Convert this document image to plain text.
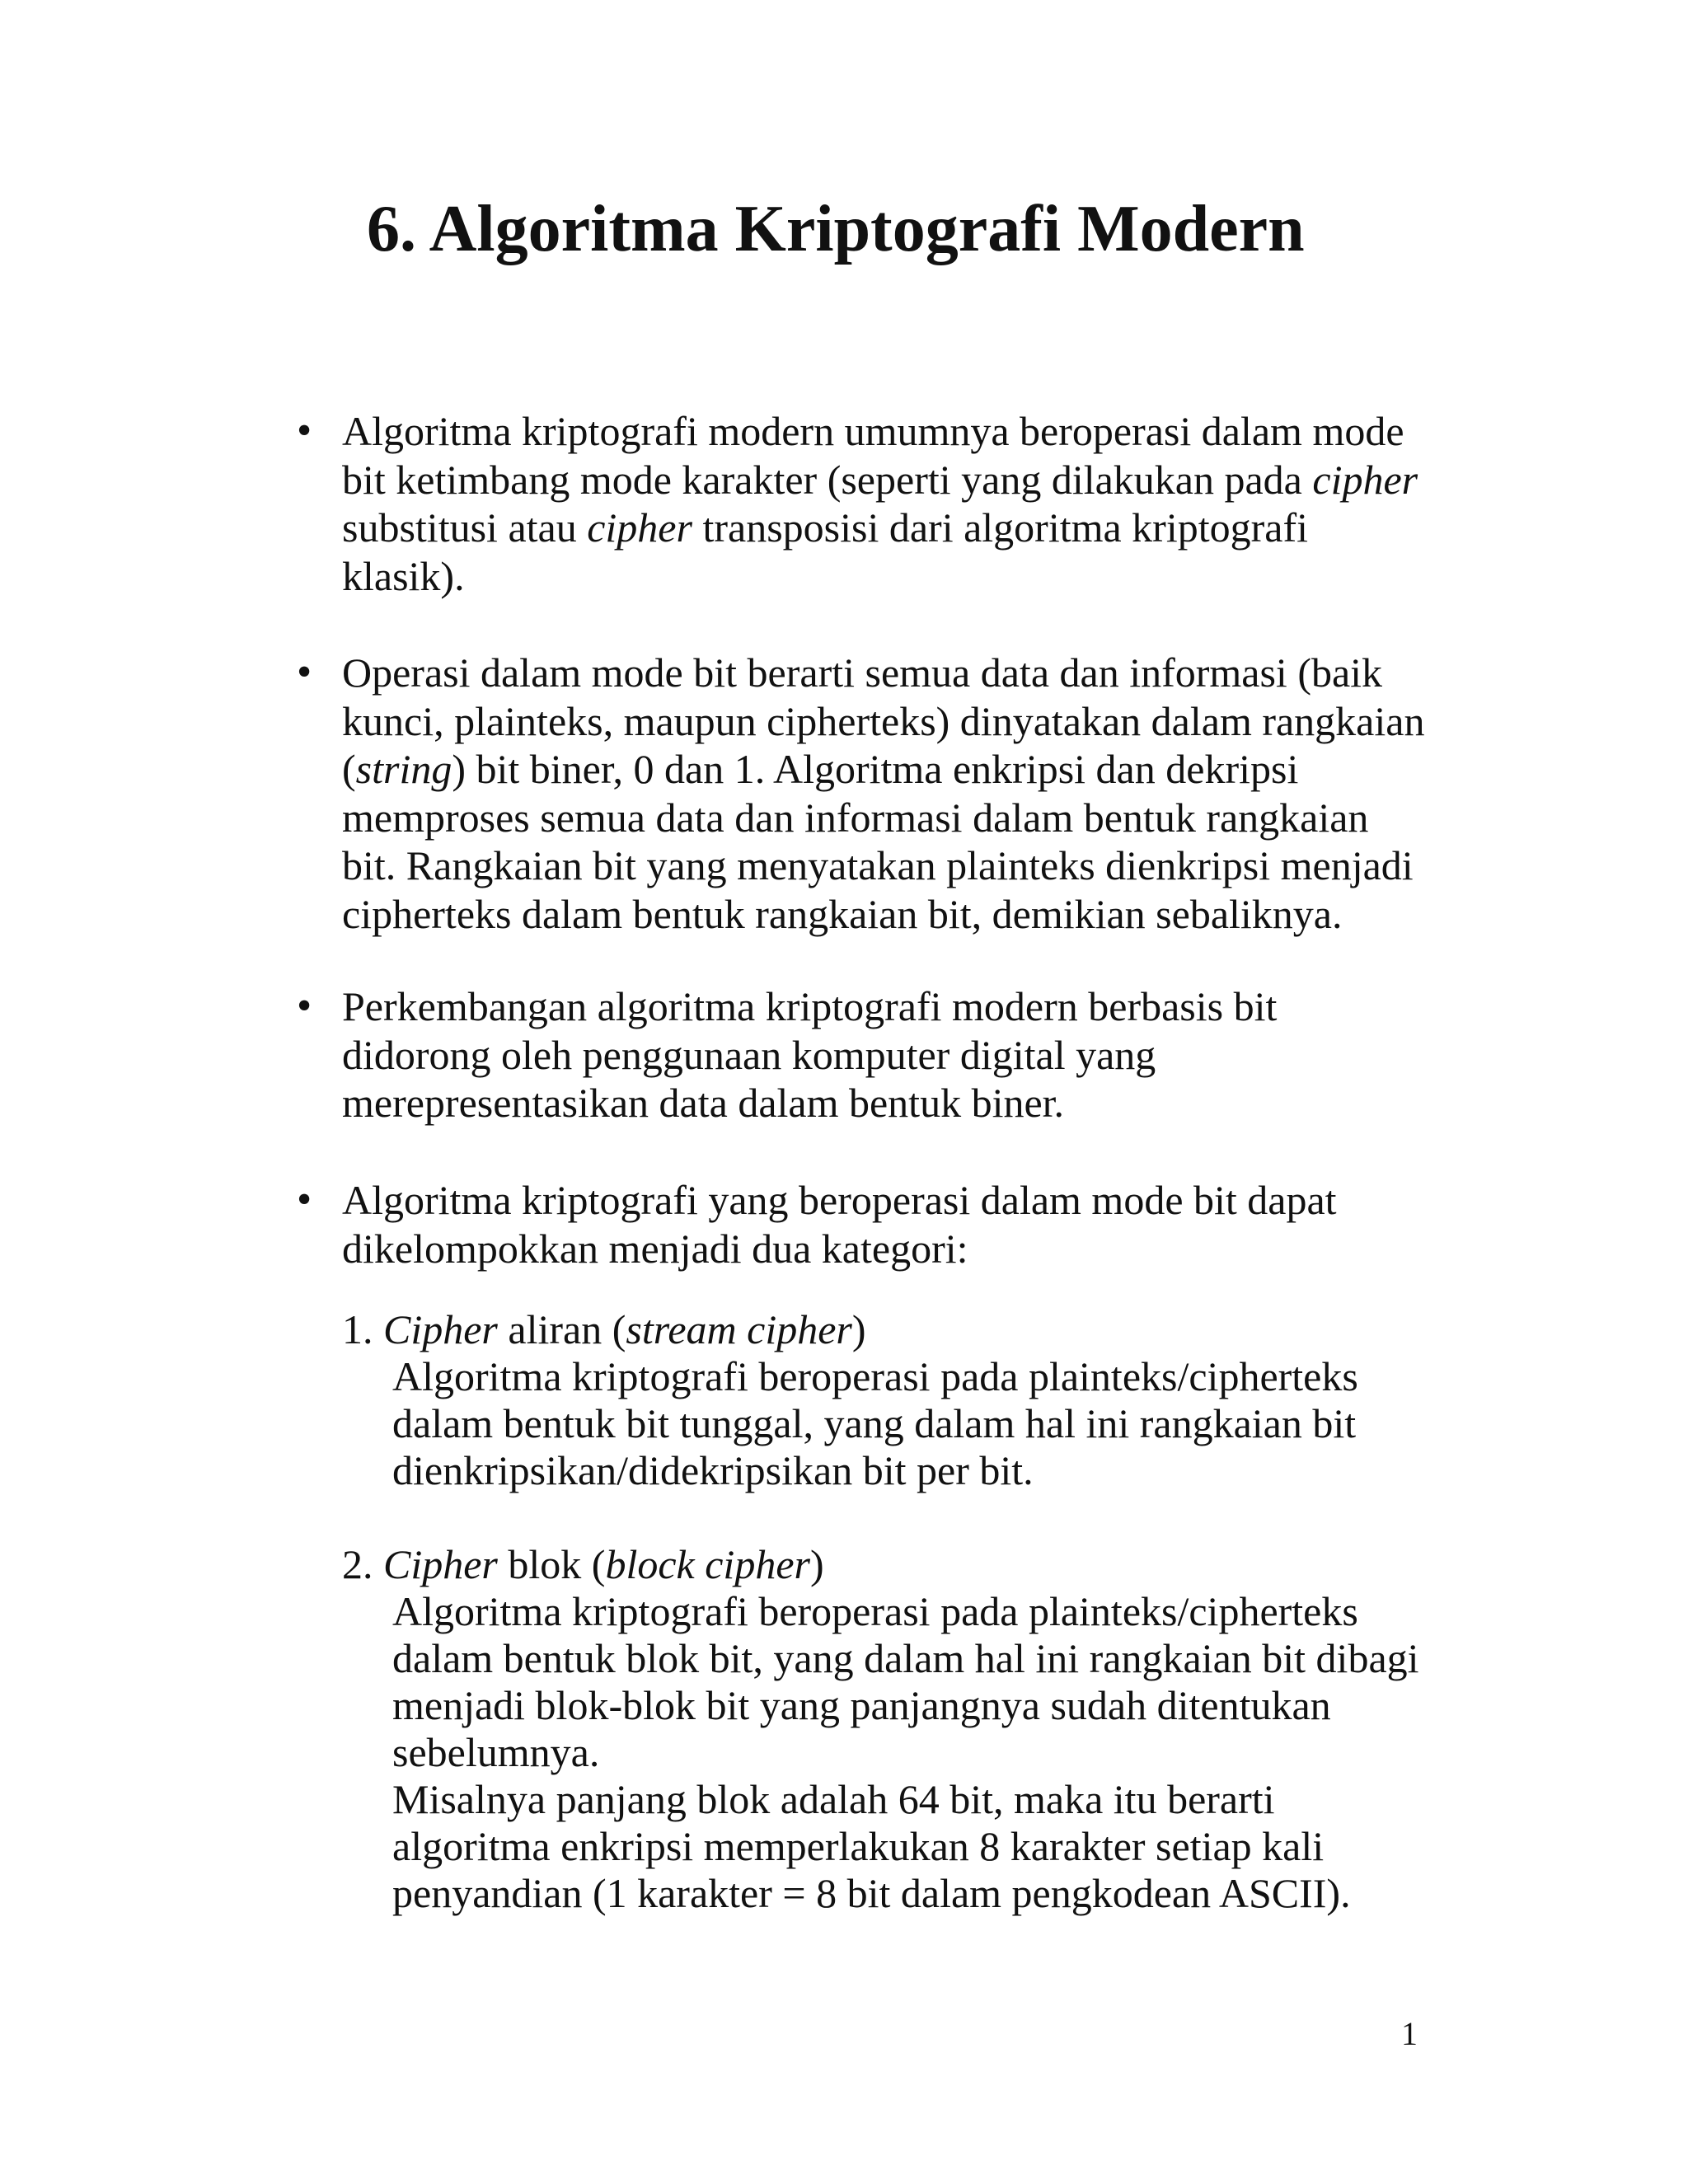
6. Algoritma Kriptografi Modern
• Algoritma kriptografi modern umumnya beroperasi dalam mode
bit ketimbang mode karakter (seperti yang dilakukan pada cipher
substitusi atau cipher transposisi dari algoritma kriptografi
klasik).
• Operasi dalam mode bit berarti semua data dan informasi (baik
kunci, plainteks, maupun cipherteks) dinyatakan dalam rangkaian
(string) bit biner, 0 dan 1. Algoritma enkripsi dan dekripsi
memproses semua data dan informasi dalam bentuk rangkaian
bit. Rangkaian bit yang menyatakan plainteks dienkripsi menjadi
cipherteks dalam bentuk rangkaian bit, demikian sebaliknya.
• Perkembangan algoritma kriptografi modern berbasis bit
didorong oleh penggunaan komputer digital yang
merepresentasikan data dalam bentuk biner.
• Algoritma kriptografi yang beroperasi dalam mode bit dapat
dikelompokkan menjadi dua kategori:
1. Cipher aliran (stream cipher)
Algoritma kriptografi beroperasi pada plainteks/cipherteks
dalam bentuk bit tunggal, yang dalam hal ini rangkaian bit
dienkripsikan/didekripsikan bit per bit.
2. Cipher blok (block cipher)
Algoritma kriptografi beroperasi pada plainteks/cipherteks
dalam bentuk blok bit, yang dalam hal ini rangkaian bit dibagi
menjadi blok-blok bit yang panjangnya sudah ditentukan
sebelumnya.
Misalnya panjang blok adalah 64 bit, maka itu berarti
algoritma enkripsi memperlakukan 8 karakter setiap kali
penyandian (1 karakter = 8 bit dalam pengkodean ASCII).
1
